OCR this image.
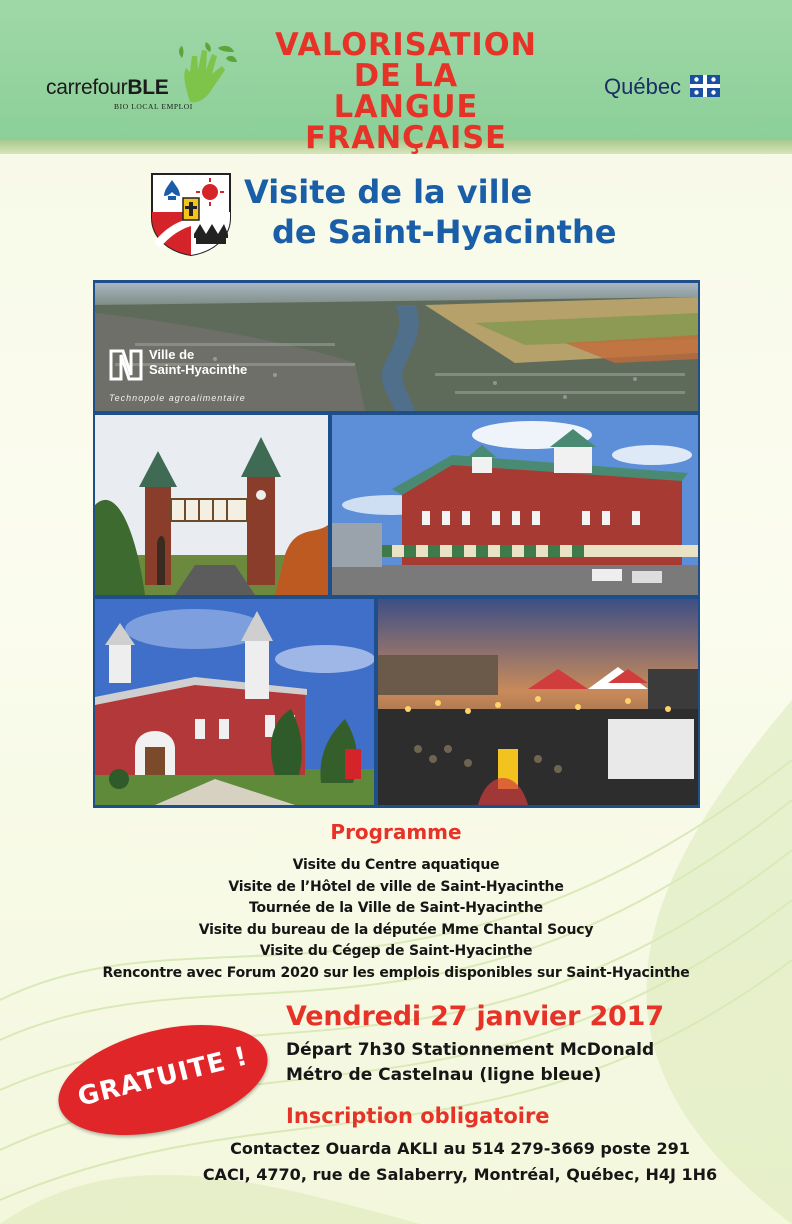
carrefourBLE
BIO LOCAL EMPLOI
VALORISATION
DE LA
LANGUE FRANÇAISE
Québec
Visite de la ville
de Saint-Hyacinthe
Ville de
Saint-Hyacinthe
Technopole agroalimentaire
Programme
Visite du Centre aquatique
Visite de l’Hôtel de ville de Saint-Hyacinthe
Tournée de la Ville de Saint-Hyacinthe
Visite du bureau de la députée Mme Chantal Soucy
Visite du Cégep de Saint-Hyacinthe
Rencontre avec Forum 2020 sur les emplois disponibles sur Saint-Hyacinthe
Vendredi 27 janvier 2017
Départ 7h30 Stationnement McDonald
Métro de Castelnau (ligne bleue)
GRATUITE !
Inscription obligatoire
Contactez Ouarda AKLI au 514 279-3669 poste 291
CACI, 4770, rue de Salaberry, Montréal, Québec, H4J 1H6
